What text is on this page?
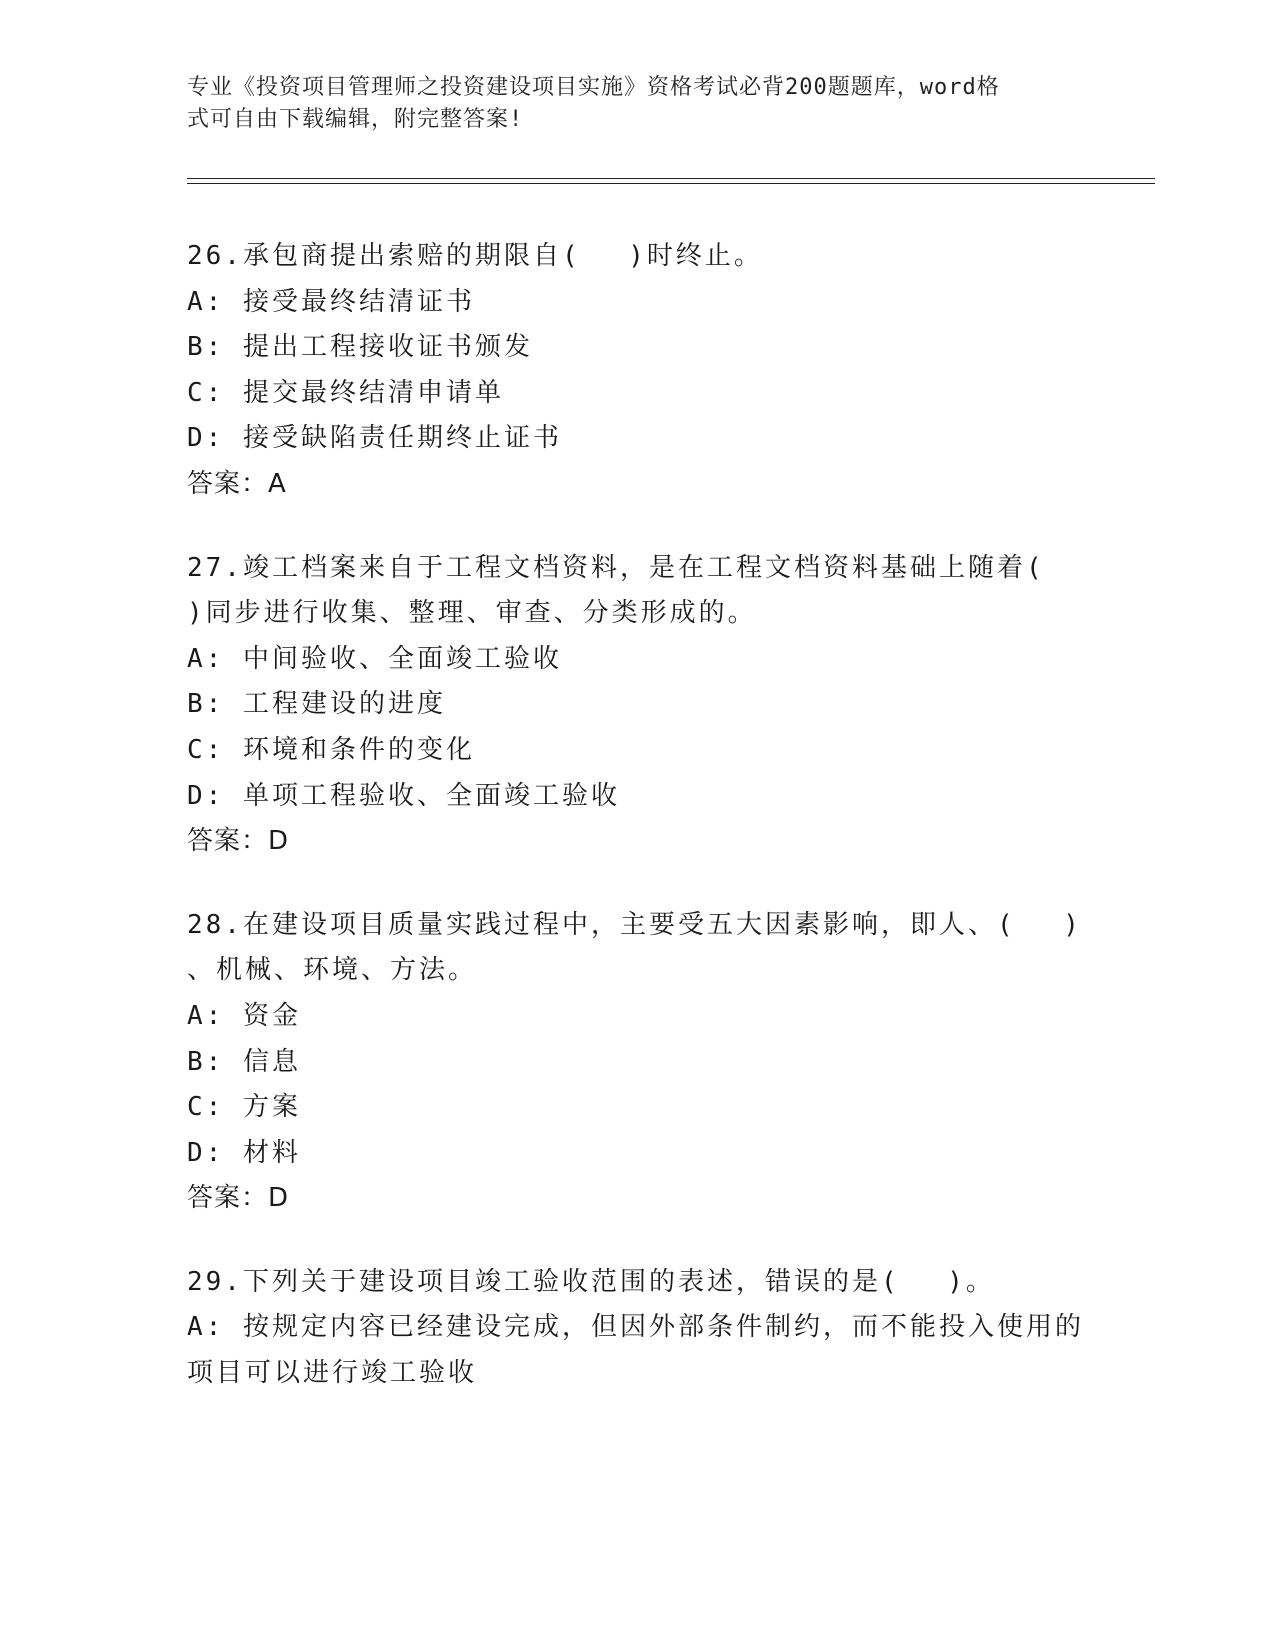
专业《投资项目管理师之投资建设项目实施》资格考试必背200题题库，word格
式可自由下载编辑，附完整答案!
26.承包商提出索赔的期限自(　 )时终止。
A: 接受最终结清证书
B: 提出工程接收证书颁发
C: 提交最终结清申请单
D: 接受缺陷责任期终止证书
答案：A
27.竣工档案来自于工程文档资料，是在工程文档资料基础上随着(
)同步进行收集、整理、审查、分类形成的。
A: 中间验收、全面竣工验收
B: 工程建设的进度
C: 环境和条件的变化
D: 单项工程验收、全面竣工验收
答案：D
28.在建设项目质量实践过程中，主要受五大因素影响，即人、(　 )
、机械、环境、方法。
A: 资金
B: 信息
C: 方案
D: 材料
答案：D
29.下列关于建设项目竣工验收范围的表述，错误的是(　 )。
A: 按规定内容已经建设完成，但因外部条件制约，而不能投入使用的
项目可以进行竣工验收
